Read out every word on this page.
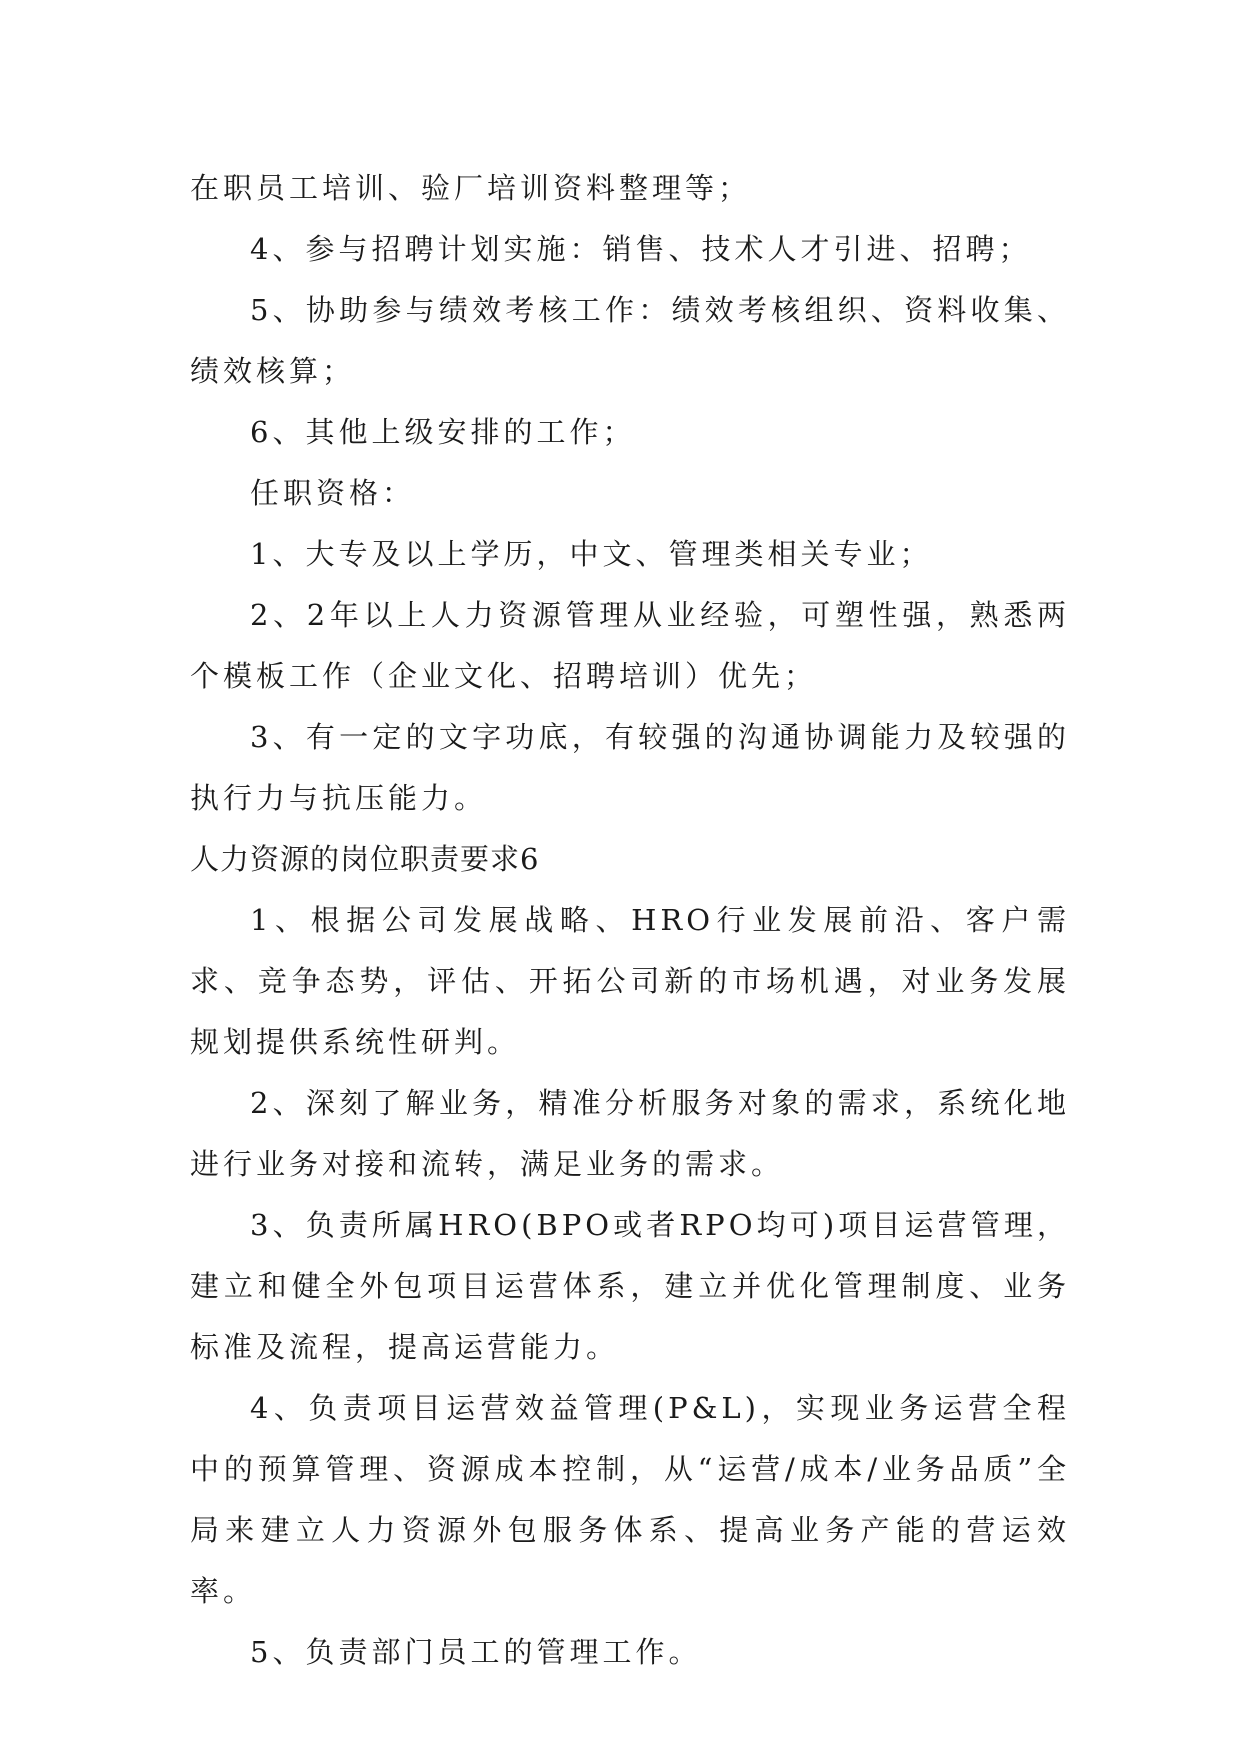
在职员工培训、验厂培训资料整理等；

4、参与招聘计划实施：销售、技术人才引进、招聘；

5、协助参与绩效考核工作：绩效考核组织、资料收集、绩效核算；

6、其他上级安排的工作；

任职资格：

1、大专及以上学历，中文、管理类相关专业；

2、2年以上人力资源管理从业经验，可塑性强，熟悉两个模板工作（企业文化、招聘培训）优先；

3、有一定的文字功底，有较强的沟通协调能力及较强的执行力与抗压能力。

人力资源的岗位职责要求6

1、根据公司发展战略、HRO行业发展前沿、客户需求、竞争态势，评估、开拓公司新的市场机遇，对业务发展规划提供系统性研判。

2、深刻了解业务，精准分析服务对象的需求，系统化地进行业务对接和流转，满足业务的需求。

3、负责所属HRO(BPO或者RPO均可)项目运营管理，建立和健全外包项目运营体系，建立并优化管理制度、业务标准及流程，提高运营能力。

4、负责项目运营效益管理(P&L)，实现业务运营全程中的预算管理、资源成本控制，从“运营/成本/业务品质”全局来建立人力资源外包服务体系、提高业务产能的营运效率。

5、负责部门员工的管理工作。
